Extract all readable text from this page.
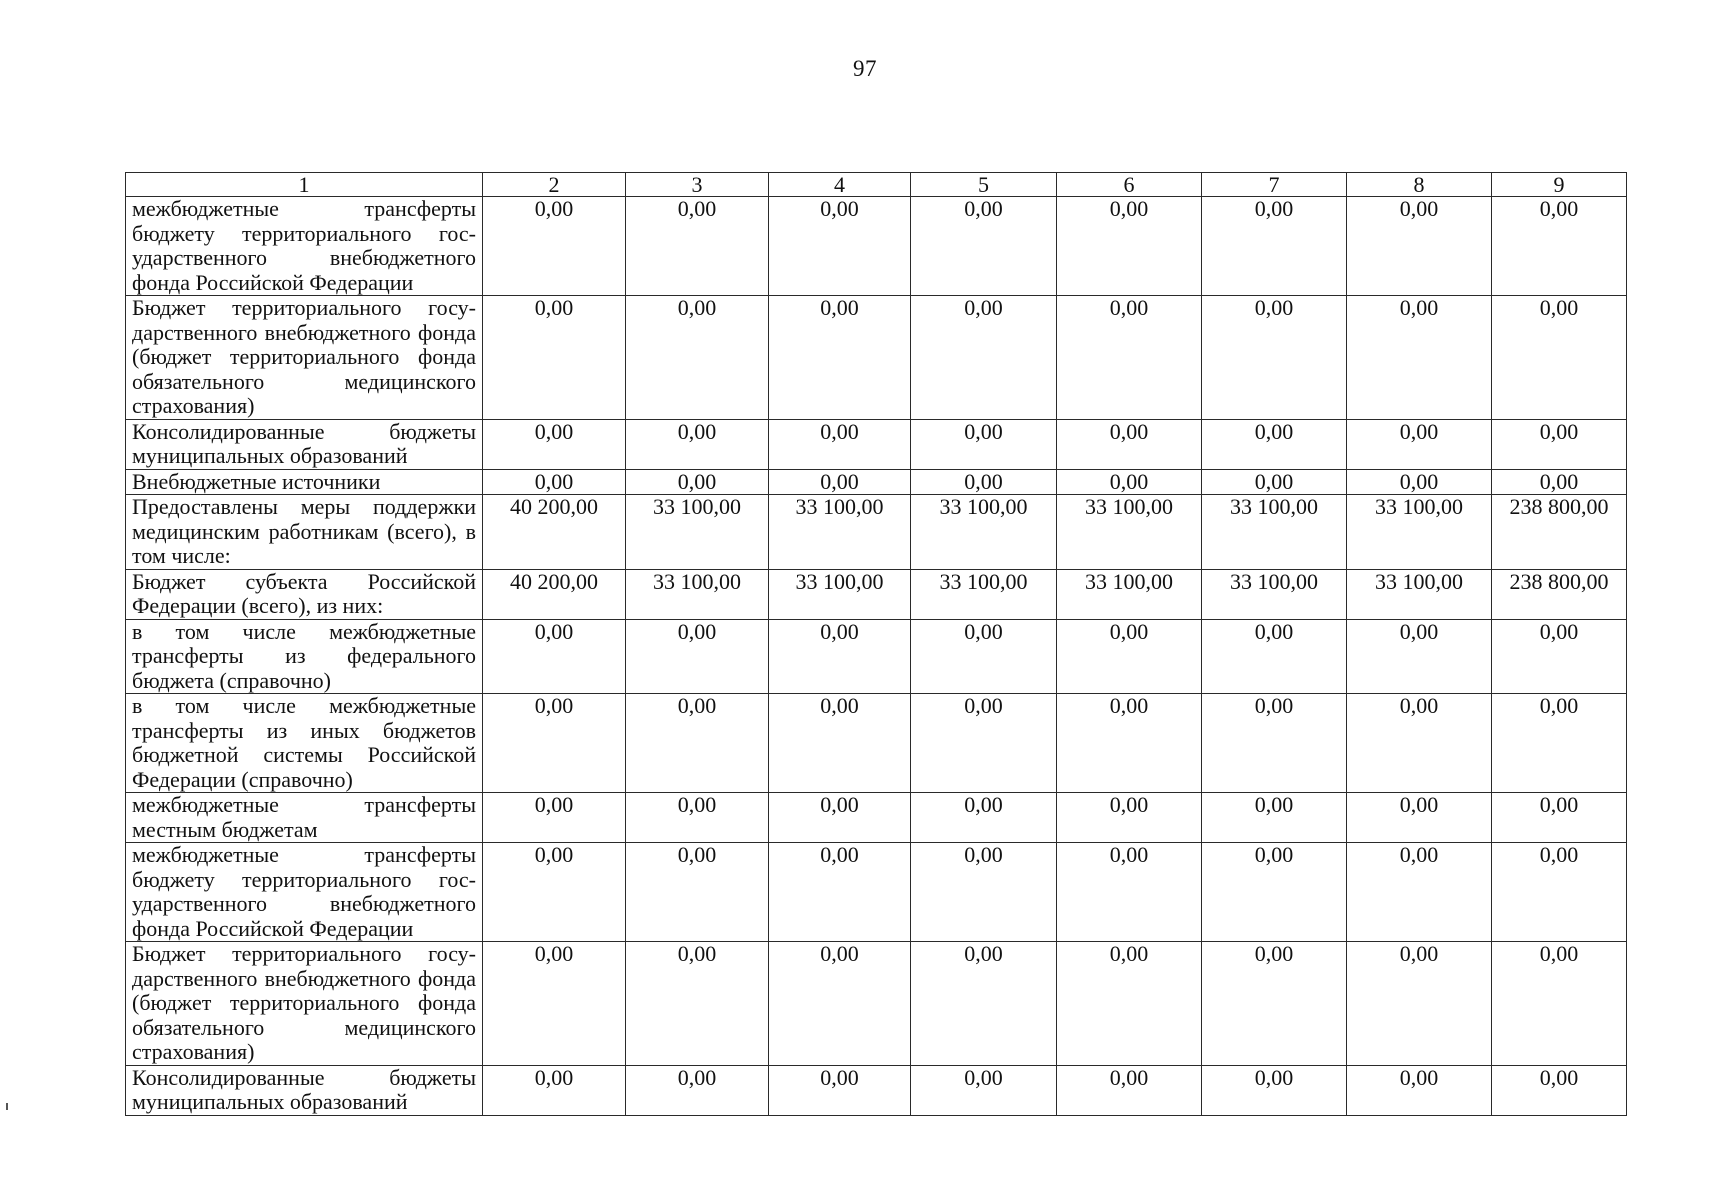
97
1	2	3	4	5	6	7	8	9
межбюджетные трансферты бюджету территориального государственного внебюджетного фонда Российской Федерации	0,00	0,00	0,00	0,00	0,00	0,00	0,00	0,00
Бюджет территориального государственного внебюджетного фонда (бюджет территориального фонда обязательного медицинского страхования)	0,00	0,00	0,00	0,00	0,00	0,00	0,00	0,00
Консолидированные бюджеты муниципальных образований	0,00	0,00	0,00	0,00	0,00	0,00	0,00	0,00
Внебюджетные источники	0,00	0,00	0,00	0,00	0,00	0,00	0,00	0,00
Предоставлены меры поддержки медицинским работникам (всего), в том числе:	40 200,00	33 100,00	33 100,00	33 100,00	33 100,00	33 100,00	33 100,00	238 800,00
Бюджет субъекта Российской Федерации (всего), из них:	40 200,00	33 100,00	33 100,00	33 100,00	33 100,00	33 100,00	33 100,00	238 800,00
в том числе межбюджетные трансферты из федерального бюджета (справочно)	0,00	0,00	0,00	0,00	0,00	0,00	0,00	0,00
в том числе межбюджетные трансферты из иных бюджетов бюджетной системы Российской Федерации (справочно)	0,00	0,00	0,00	0,00	0,00	0,00	0,00	0,00
межбюджетные трансферты местным бюджетам	0,00	0,00	0,00	0,00	0,00	0,00	0,00	0,00
межбюджетные трансферты бюджету территориального государственного внебюджетного фонда Российской Федерации	0,00	0,00	0,00	0,00	0,00	0,00	0,00	0,00
Бюджет территориального государственного внебюджетного фонда (бюджет территориального фонда обязательного медицинского страхования)	0,00	0,00	0,00	0,00	0,00	0,00	0,00	0,00
Консолидированные бюджеты муниципальных образований	0,00	0,00	0,00	0,00	0,00	0,00	0,00	0,00
